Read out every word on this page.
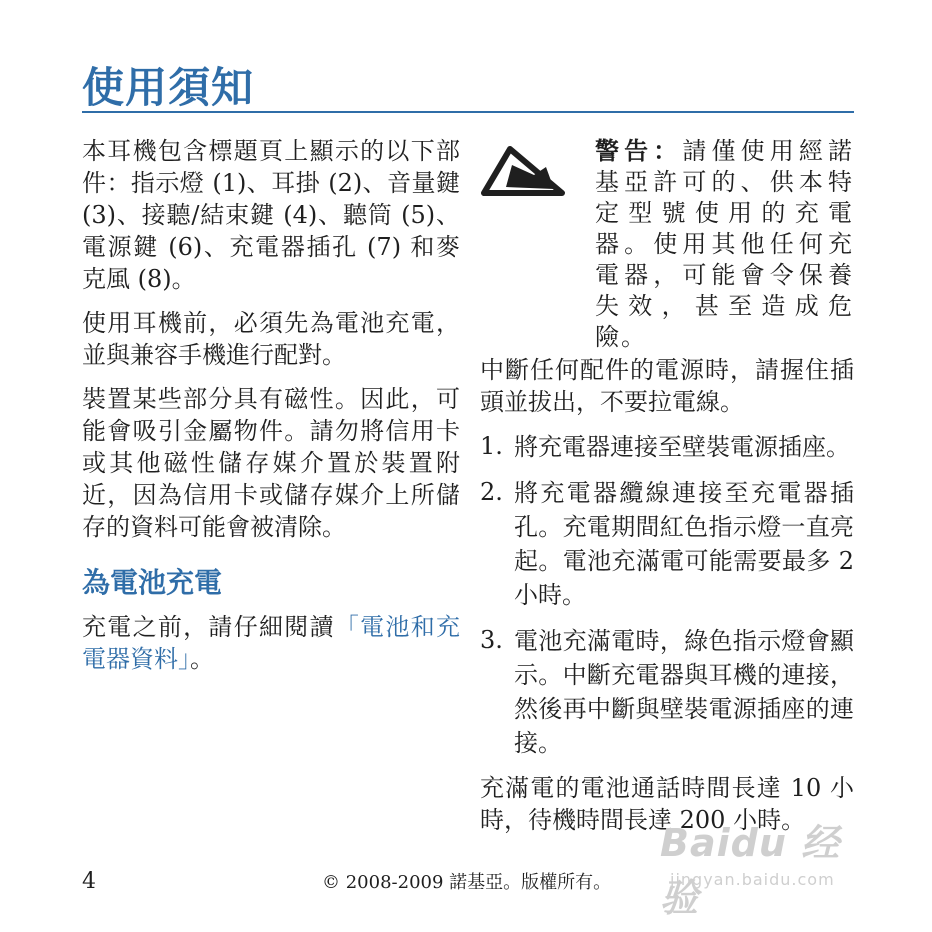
使用須知

本耳機包含標題頁上顯示的以下部件：指示燈 (1)、耳掛 (2)、音量鍵 (3)、接聽/結束鍵 (4)、聽筒 (5)、電源鍵 (6)、充電器插孔 (7) 和麥克風 (8)。

使用耳機前，必須先為電池充電，並與兼容手機進行配對。

裝置某些部分具有磁性。因此，可能會吸引金屬物件。請勿將信用卡或其他磁性儲存媒介置於裝置附近，因為信用卡或儲存媒介上所儲存的資料可能會被清除。

為電池充電

充電之前，請仔細閱讀「電池和充電器資料」。

警告：請僅使用經諾基亞許可的、供本特定型號使用的充電器。使用其他任何充電器，可能會令保養失效，甚至造成危險。

中斷任何配件的電源時，請握住插頭並拔出，不要拉電線。

1. 將充電器連接至壁裝電源插座。
2. 將充電器纜線連接至充電器插孔。充電期間紅色指示燈一直亮起。電池充滿電可能需要最多 2 小時。
3. 電池充滿電時，綠色指示燈會顯示。中斷充電器與耳機的連接，然後再中斷與壁裝電源插座的連接。

充滿電的電池通話時間長達 10 小時，待機時間長達 200 小時。

4	© 2008-2009 諾基亞。版權所有。
Baidu 经验
jingyan.baidu.com
